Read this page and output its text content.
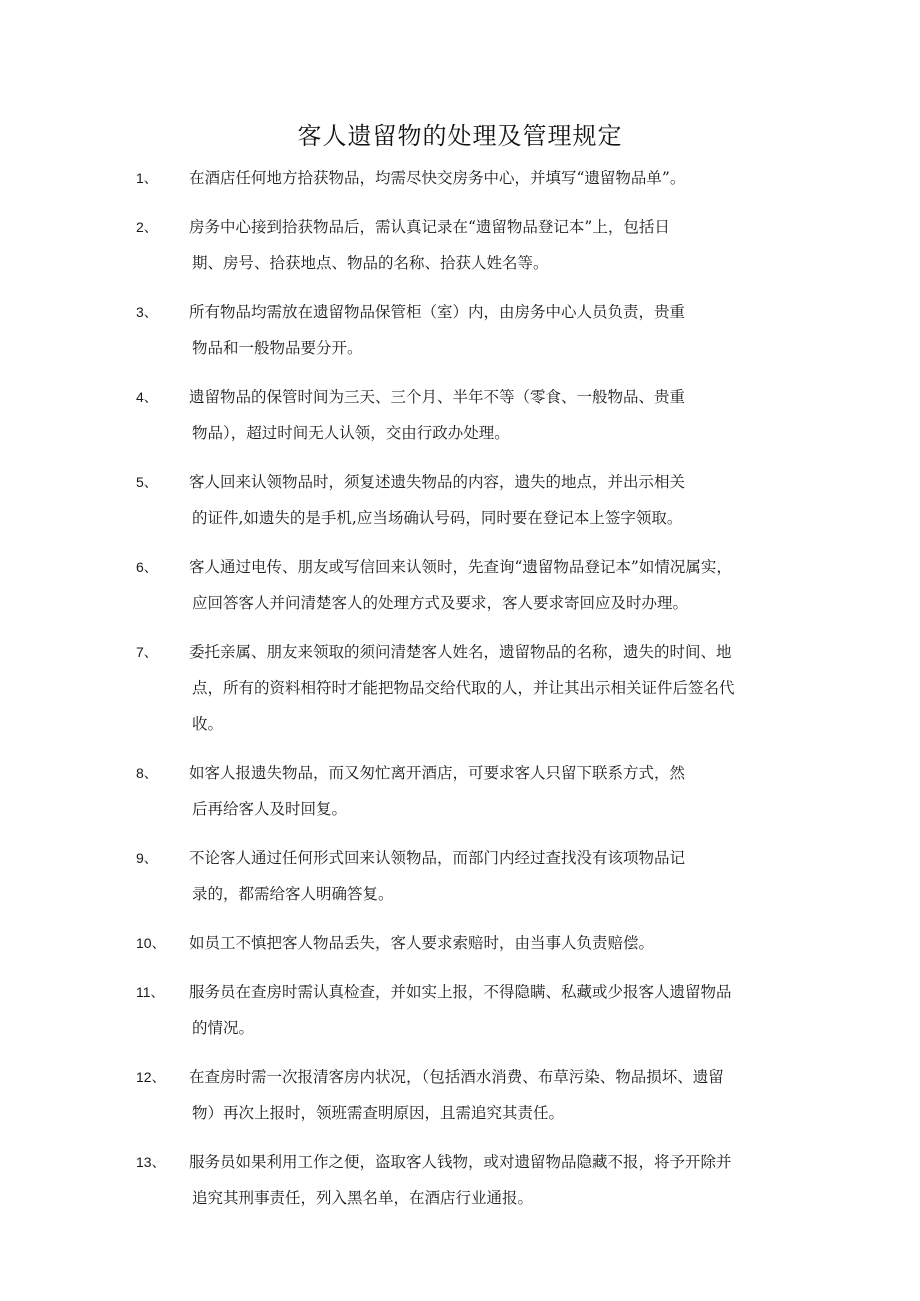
客人遗留物的处理及管理规定
1、 在酒店任何地方拾获物品，均需尽快交房务中心，并填写“遗留物品单”。
2、 房务中心接到拾获物品后，需认真记录在“遗留物品登记本”上，包括日
期、房号、拾获地点、物品的名称、拾获人姓名等。
3、 所有物品均需放在遗留物品保管柜（室）内，由房务中心人员负责，贵重
物品和一般物品要分开。
4、 遗留物品的保管时间为三天、三个月、半年不等（零食、一般物品、贵重
物品），超过时间无人认领，交由行政办处理。
5、 客人回来认领物品时，须复述遗失物品的内容，遗失的地点，并出示相关
的证件,如遗失的是手机,应当场确认号码，同时要在登记本上签字领取。
6、 客人通过电传、朋友或写信回来认领时，先查询“遗留物品登记本”如情况属实，
应回答客人并问清楚客人的处理方式及要求，客人要求寄回应及时办理。
7、 委托亲属、朋友来领取的须问清楚客人姓名，遗留物品的名称，遗失的时间、地
点，所有的资料相符时才能把物品交给代取的人，并让其出示相关证件后签名代
收。
8、 如客人报遗失物品，而又匆忙离开酒店，可要求客人只留下联系方式，然
后再给客人及时回复。
9、 不论客人通过任何形式回来认领物品，而部门内经过查找没有该项物品记
录的，都需给客人明确答复。
10、 如员工不慎把客人物品丢失，客人要求索赔时，由当事人负责赔偿。
11、 服务员在查房时需认真检查，并如实上报，不得隐瞒、私藏或少报客人遗留物品
的情况。
12、 在查房时需一次报清客房内状况，（包括酒水消费、布草污染、物品损坏、遗留
物）再次上报时，领班需查明原因，且需追究其责任。
13、 服务员如果利用工作之便，盗取客人钱物，或对遗留物品隐藏不报，将予开除并
追究其刑事责任，列入黑名单，在酒店行业通报。
